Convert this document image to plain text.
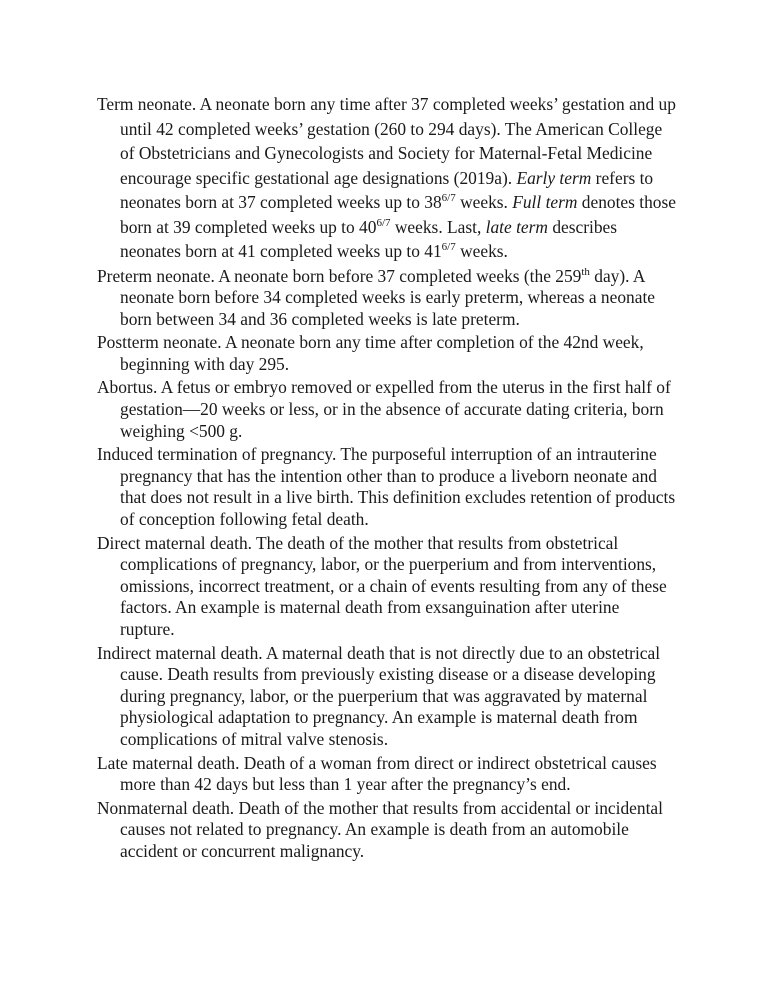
Term neonate. A neonate born any time after 37 completed weeks’ gestation and up until 42 completed weeks’ gestation (260 to 294 days). The American College of Obstetricians and Gynecologists and Society for Maternal-Fetal Medicine encourage specific gestational age designations (2019a). Early term refers to neonates born at 37 completed weeks up to $38^{6/7}$ weeks. Full term denotes those born at 39 completed weeks up to $40^{6/7}$ weeks. Last, late term describes neonates born at 41 completed weeks up to $41^{6/7}$ weeks.

Preterm neonate. A neonate born before 37 completed weeks (the 259th day). A neonate born before 34 completed weeks is early preterm, whereas a neonate born between 34 and 36 completed weeks is late preterm.

Postterm neonate. A neonate born any time after completion of the 42nd week, beginning with day 295.

Abortus. A fetus or embryo removed or expelled from the uterus in the first half of gestation—20 weeks or less, or in the absence of accurate dating criteria, born weighing <500 g.

Induced termination of pregnancy. The purposeful interruption of an intrauterine pregnancy that has the intention other than to produce a liveborn neonate and that does not result in a live birth. This definition excludes retention of products of conception following fetal death.

Direct maternal death. The death of the mother that results from obstetrical complications of pregnancy, labor, or the puerperium and from interventions, omissions, incorrect treatment, or a chain of events resulting from any of these factors. An example is maternal death from exsanguination after uterine rupture.

Indirect maternal death. A maternal death that is not directly due to an obstetrical cause. Death results from previously existing disease or a disease developing during pregnancy, labor, or the puerperium that was aggravated by maternal physiological adaptation to pregnancy. An example is maternal death from complications of mitral valve stenosis.

Late maternal death. Death of a woman from direct or indirect obstetrical causes more than 42 days but less than 1 year after the pregnancy’s end.

Nonmaternal death. Death of the mother that results from accidental or incidental causes not related to pregnancy. An example is death from an automobile accident or concurrent malignancy.
